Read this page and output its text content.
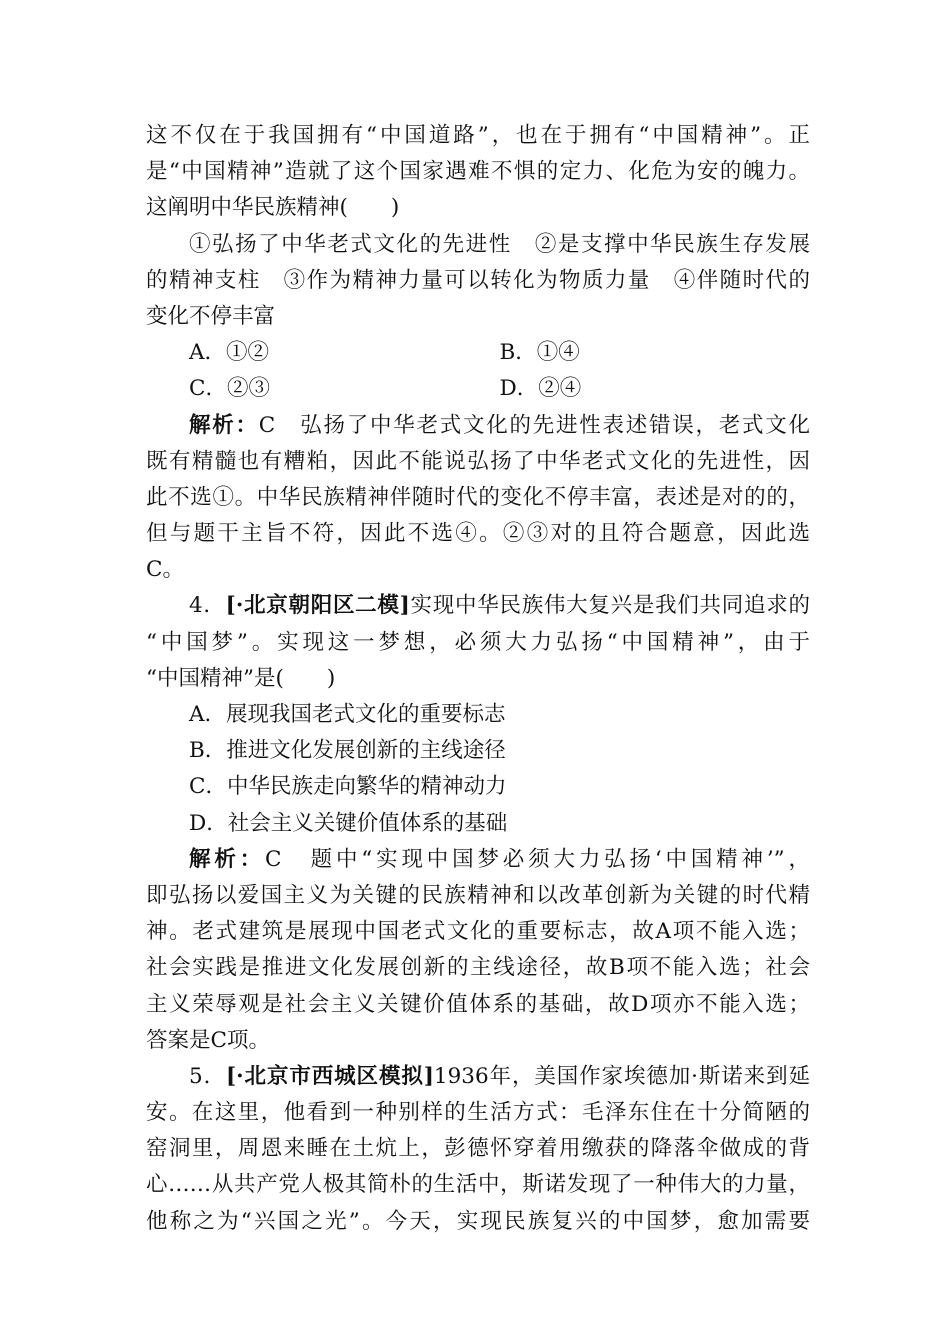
这不仅在于我国拥有“中国道路”，也在于拥有“中国精神”。正
是“中国精神”造就了这个国家遇难不惧的定力、化危为安的魄力。
这阐明中华民族精神(　　)
①弘扬了中华老式文化的先进性　②是支撑中华民族生存发展
的精神支柱　③作为精神力量可以转化为物质力量　④伴随时代的
变化不停丰富
A．①②	B．①④
C．②③	D．②④
解析：C　弘扬了中华老式文化的先进性表述错误，老式文化
既有精髓也有糟粕，因此不能说弘扬了中华老式文化的先进性，因
此不选①。中华民族精神伴随时代的变化不停丰富，表述是对的的，
但与题干主旨不符，因此不选④。②③对的且符合题意，因此选
C。
4．[·北京朝阳区二模]实现中华民族伟大复兴是我们共同追求的
“中国梦”。实现这一梦想，必须大力弘扬“中国精神”，由于
“中国精神”是(　　)
A．展现我国老式文化的重要标志
B．推进文化发展创新的主线途径
C．中华民族走向繁华的精神动力
D．社会主义关键价值体系的基础
解析：C　题中“实现中国梦必须大力弘扬‘中国精神’”，
即弘扬以爱国主义为关键的民族精神和以改革创新为关键的时代精
神。老式建筑是展现中国老式文化的重要标志，故A项不能入选；
社会实践是推进文化发展创新的主线途径，故B项不能入选；社会
主义荣辱观是社会主义关键价值体系的基础，故D项亦不能入选；
答案是C项。
5．[·北京市西城区模拟]1936年，美国作家埃德加·斯诺来到延
安。在这里，他看到一种别样的生活方式：毛泽东住在十分简陋的
窑洞里，周恩来睡在土炕上，彭德怀穿着用缴获的降落伞做成的背
心……从共产党人极其简朴的生活中，斯诺发现了一种伟大的力量，
他称之为“兴国之光”。今天，实现民族复兴的中国梦，愈加需要
